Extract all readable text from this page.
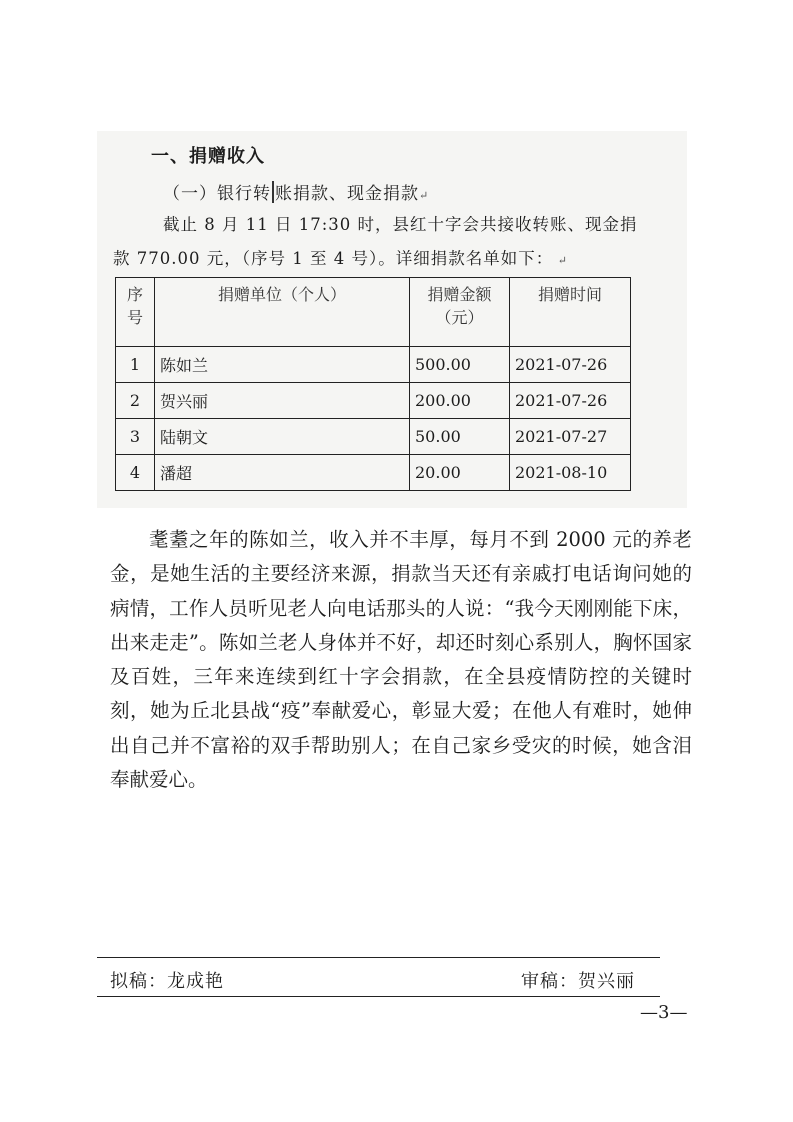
一、捐赠收入
（一）银行转 账捐款、现金捐款↵
截止 8 月 11 日 17:30 时，县红十字会共接收转账、现金捐
款 770.00 元，（序号 1 至 4 号）。详细捐款名单如下： ↵
序号	捐赠单位（个人）	捐赠金额（元）	捐赠时间
1	陈如兰	500.00	2021-07-26
2	贺兴丽	200.00	2021-07-26
3	陆朝文	50.00	2021-07-27
4	潘超	20.00	2021-08-10

耄耋之年的陈如兰，收入并不丰厚，每月不到 2000 元的养老金，是她生活的主要经济来源，捐款当天还有亲戚打电话询问她的病情，工作人员听见老人向电话那头的人说：“我今天刚刚能下床，出来走走”。陈如兰老人身体并不好，却还时刻心系别人，胸怀国家及百姓，三年来连续到红十字会捐款，在全县疫情防控的关键时刻，她为丘北县战“疫”奉献爱心，彰显大爱；在他人有难时，她伸出自己并不富裕的双手帮助别人；在自己家乡受灾的时候，她含泪奉献爱心。

拟稿：龙成艳	审稿：贺兴丽
—3—
